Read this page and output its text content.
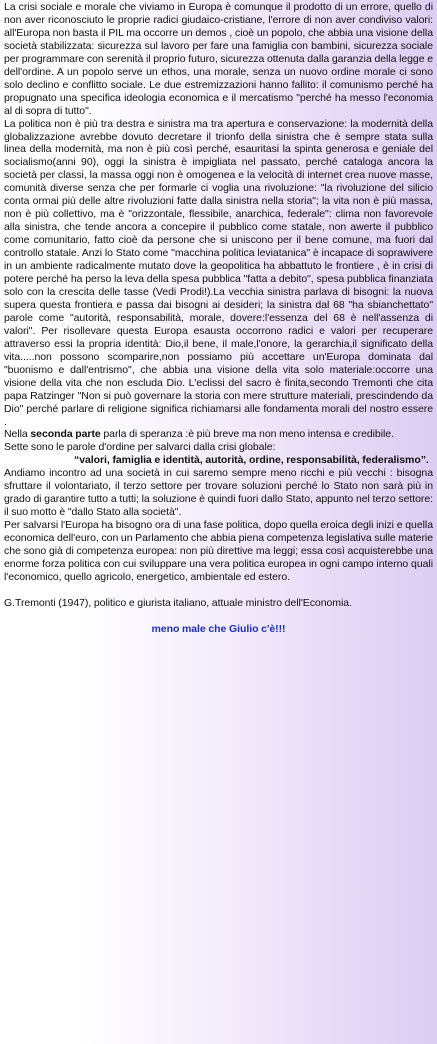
La crisi sociale e morale che viviamo in Europa è comunque il prodotto di un errore, quello di non aver riconosciuto le proprie radici giudaico-cristiane, l'errore di non aver condiviso valori: all'Europa non basta il PIL ma occorre un demos , cioè un popolo, che abbia una visione della società stabilizzata: sicurezza sul lavoro per fare una famiglia con bambini, sicurezza sociale per programmare con serenità il proprio futuro, sicurezza ottenuta dalla garanzia della legge e dell'ordine. A un popolo serve un ethos, una morale, senza un nuovo ordine morale ci sono solo declino e conflitto sociale. Le due estremizzazioni hanno fallito: il comunismo perché ha propugnato una specifica ideologia economica e il mercatismo "perché ha messo l'economia al di sopra di tutto".

La politica non è più tra destra e sinistra ma tra apertura e conservazione: la modernità della globalizzazione avrebbe dovuto decretare il trionfo della sinistra che è sempre stata sulla linea della modernità, ma non è più così perché, esauritasi la spinta generosa e geniale del socialismo(anni 90), oggi la sinistra è impigliata nel passato, perché cataloga ancora la società per classi, la massa oggi non è omogenea e la velocità di internet crea nuove masse, comunità diverse senza che per formarle ci voglia una rivoluzione: "la rivoluzione del silicio conta ormai più delle altre rivoluzioni fatte dalla sinistra nella storia"; la vita non è più massa, non è più collettivo, ma è "orizzontale, flessibile, anarchica, federale": clima non favorevole alla sinistra, che tende ancora a concepire il pubblico come statale, non awerte il pubblico come comunitario, fatto cioè da persone che si uniscono per il bene comune, ma fuori dal controllo statale. Anzi lo Stato come "macchina politica leviatanica" è incapace di soprawivere in un ambiente radicalmente mutato dove la geopolitica ha abbattuto le frontiere , è in crisi di potere perché ha perso la leva della spesa pubblica "fatta a debito", spesa pubblica finanziata solo con la crescita delle tasse (Vedi Prodi!).La vecchia sinistra parlava di bisogni: la nuova supera questa frontiera e passa dai bisogni ai desideri; la sinistra dal 68 "ha sbianchettato" parole come "autorità, responsabilità, morale, dovere:l'essenza del 68 è nell'assenza di valori". Per risollevare questa Europa esausta occorrono radici e valori per recuperare attraverso essi la propria identità: Dio,il bene, il male,l'onore, la gerarchia,il significato della vita.....non possono scomparire,non possiamo più accettare un'Europa dominata dal "buonismo e dall'entrismo", che abbia una visione della vita solo materiale:occorre una visione della vita che non escluda Dio. L'eclissi del sacro è finita,secondo Tremonti che cita papa Ratzinger "Non si può governare la storia con mere strutture materiali, prescindendo da Dio" perché parlare di religione significa richiamarsi alle fondamenta morali del nostro essere .

Nella seconda parte parla di speranza :è più breve ma non meno intensa e credibile.

Sette sono le parole d'ordine per salvarci dalla crisi globale:

“valori, famiglia e identità, autorità, ordine, responsabilità, federalismo”.

Andiamo incontro ad una società in cui saremo sempre meno ricchi e più vecchi : bisogna sfruttare il volontariato, il terzo settore per trovare soluzioni perché lo Stato non sarà più in grado di garantire tutto a tutti; la soluzione è quindi fuori dallo Stato, appunto nel terzo settore: il suo motto è "dallo Stato alla società".

Per salvarsi l'Europa ha bisogno ora di una fase politica, dopo quella eroica degli inizi e quella economica dell'euro, con un Parlamento che abbia piena competenza legislativa sulle materie che sono già di competenza europea: non più direttive ma leggi; essa così acquisterebbe una enorme forza politica con cui sviluppare una vera politica europea in ogni campo interno quali l'economico, quello agricolo, energetico, ambientale ed estero.

G.Tremonti (1947), politico e giurista italiano, attuale ministro dell'Economia.

meno male che Giulio c'è!!!
